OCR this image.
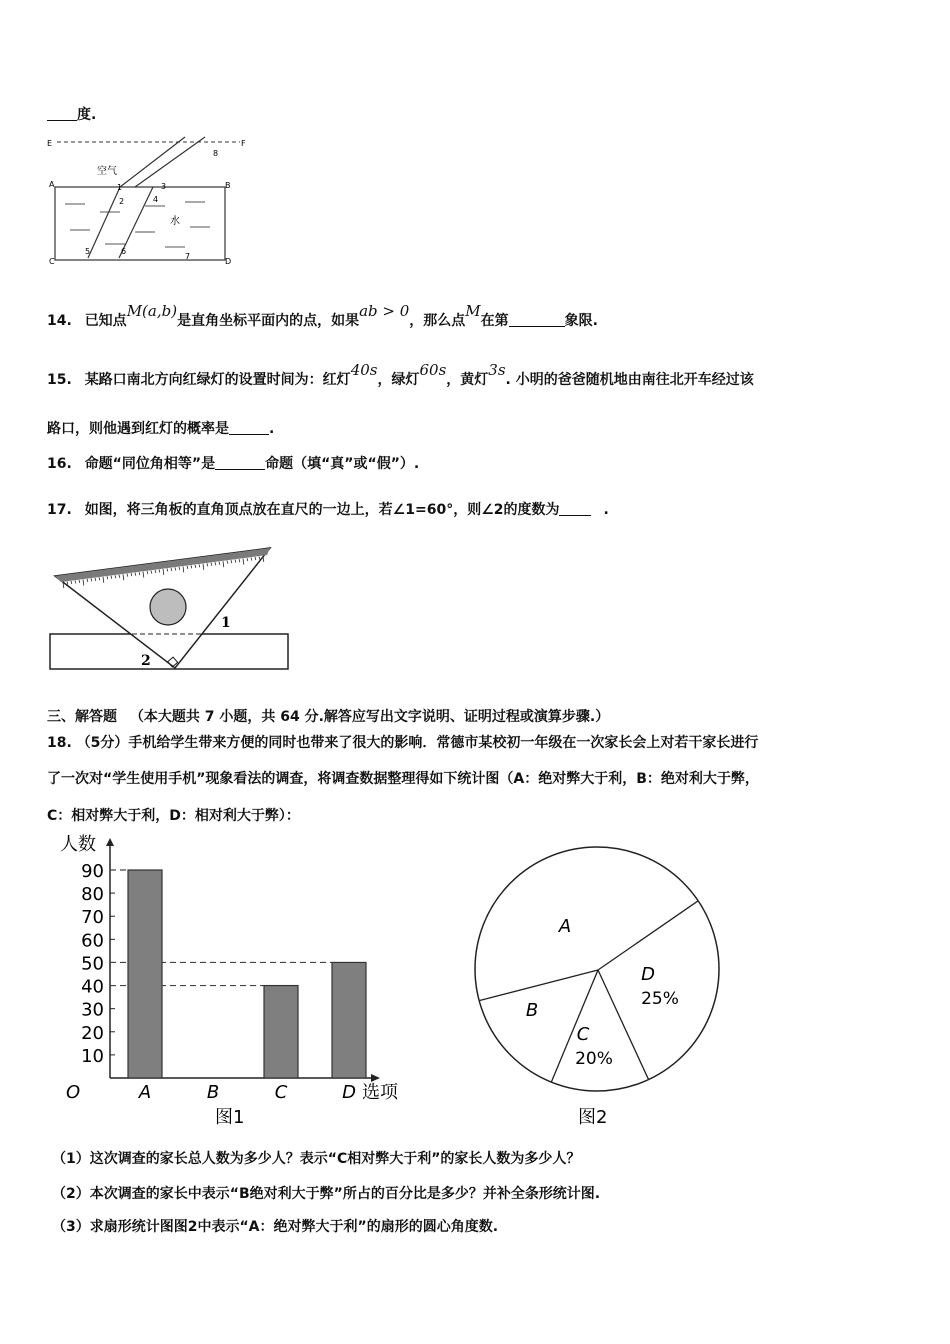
度.
E	F
空气
A	B
C	D
水
1
2
3
4
5	6
7
8
14. 已知点M(a,b)是直角坐标平面内的点，如果ab > 0，那么点M在第	象限.
15. 某路口南北方向红绿灯的设置时间为：红灯40s，绿灯60s，黄灯3s. 小明的爸爸随机地由南往北开车经过该
路口，则他遇到红灯的概率是	.
16. 命题“同位角相等”是	命题（填“真”或“假”）.
17. 如图，将三角板的直角顶点放在直尺的一边上，若∠1=60°，则∠2的度数为	.
1
2
三、解答题 （本大题共 7 小题，共 64 分.解答应写出文字说明、证明过程或演算步骤.）
18. （5分）手机给学生带来方便的同时也带来了很大的影响．常德市某校初一年级在一次家长会上对若干家长进行
了一次对“学生使用手机”现象看法的调查，将调查数据整理得如下统计图（A：绝对弊大于利，B：绝对利大于弊，
C：相对弊大于利，D：相对利大于弊）：
10
20
30
40
50
60
70
80
90
A	B	C	D
人数
选项
O
图1
A
B
C
20%
D
25%
图2
（1）这次调查的家长总人数为多少人？表示“C相对弊大于利”的家长人数为多少人？
（2）本次调查的家长中表示“B绝对利大于弊”所占的百分比是多少？并补全条形统计图.
（3）求扇形统计图图2中表示“A：绝对弊大于利”的扇形的圆心角度数.
